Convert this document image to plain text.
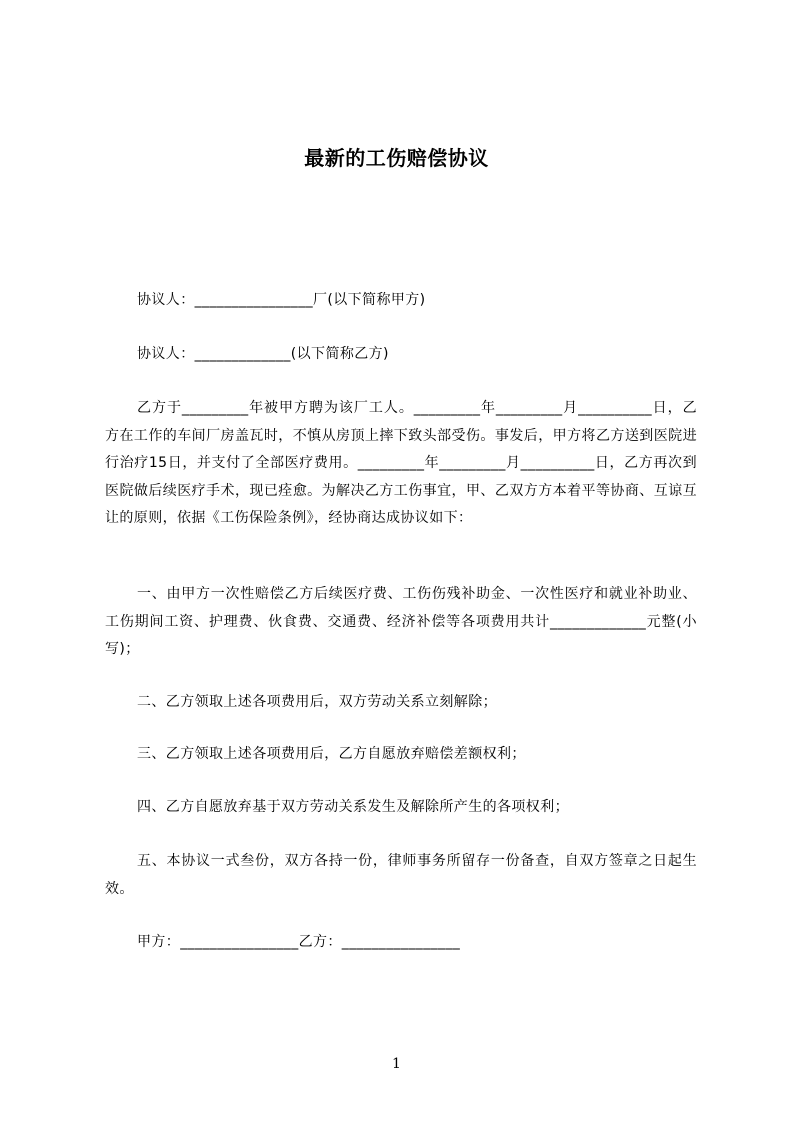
最新的工伤赔偿协议
协议人：________________厂(以下简称甲方)
协议人：_____________(以下简称乙方)
乙方于_________年被甲方聘为该厂工人。_________年_________月__________日，乙方在工作的车间厂房盖瓦时，不慎从房顶上摔下致头部受伤。事发后，甲方将乙方送到医院进行治疗15日，并支付了全部医疗费用。_________年_________月__________日，乙方再次到医院做后续医疗手术，现已痊愈。为解决乙方工伤事宜，甲、乙双方方本着平等协商、互谅互让的原则，依据《工伤保险条例》，经协商达成协议如下：
一、由甲方一次性赔偿乙方后续医疗费、工伤伤残补助金、一次性医疗和就业补助业、工伤期间工资、护理费、伙食费、交通费、经济补偿等各项费用共计_____________元整(小写)；
二、乙方领取上述各项费用后，双方劳动关系立刻解除；
三、乙方领取上述各项费用后，乙方自愿放弃赔偿差额权利；
四、乙方自愿放弃基于双方劳动关系发生及解除所产生的各项权利；
五、本协议一式叁份，双方各持一份，律师事务所留存一份备查，自双方签章之日起生效。
甲方：________________乙方：________________
1
